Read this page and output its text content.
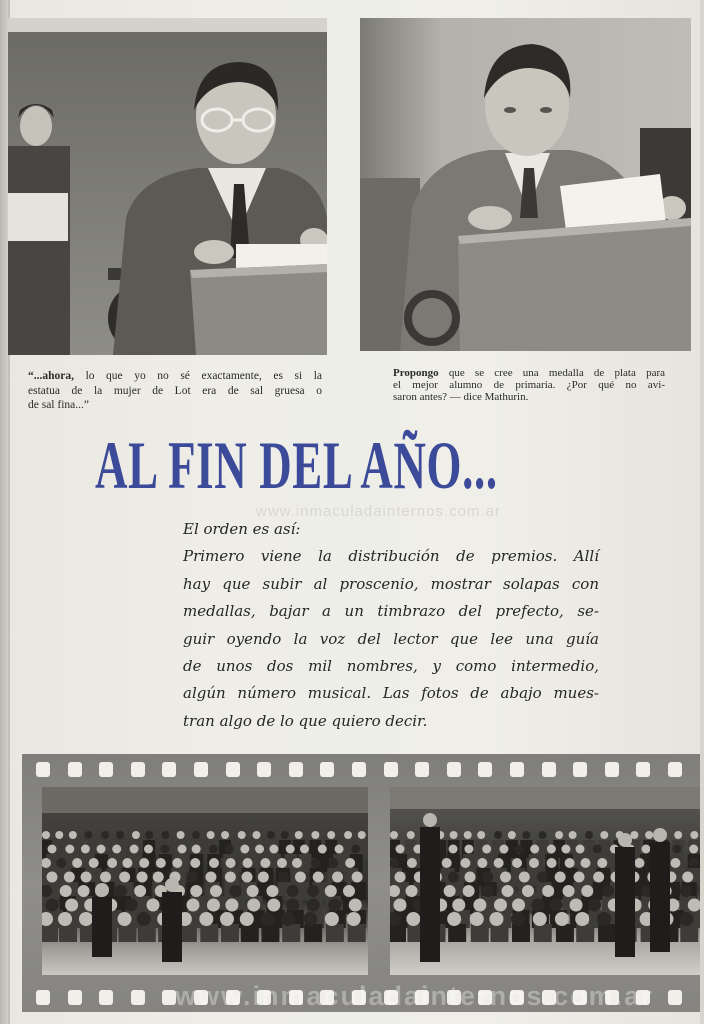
“...ahora, lo que yo no sé exactamente, es si la
estatua de la mujer de Lot era de sal gruesa o
de sal fina...”
Propongo que se cree una medalla de plata para
el mejor alumno de primaria. ¿Por qué no avi-
saron antes? — dice Mathurin.
AL FIN DEL AÑO...
www.inmaculadainternos.com.ar
El orden es así:
Primero viene la distribución de premios. Allí
hay que subir al proscenio, mostrar solapas con
medallas, bajar a un timbrazo del prefecto, se-
guir oyendo la voz del lector que lee una guía
de unos dos mil nombres, y como intermedio,
algún número musical. Las fotos de abajo mues-
tran algo de lo que quiero decir.
www.inmaculadainternos.com.ar
